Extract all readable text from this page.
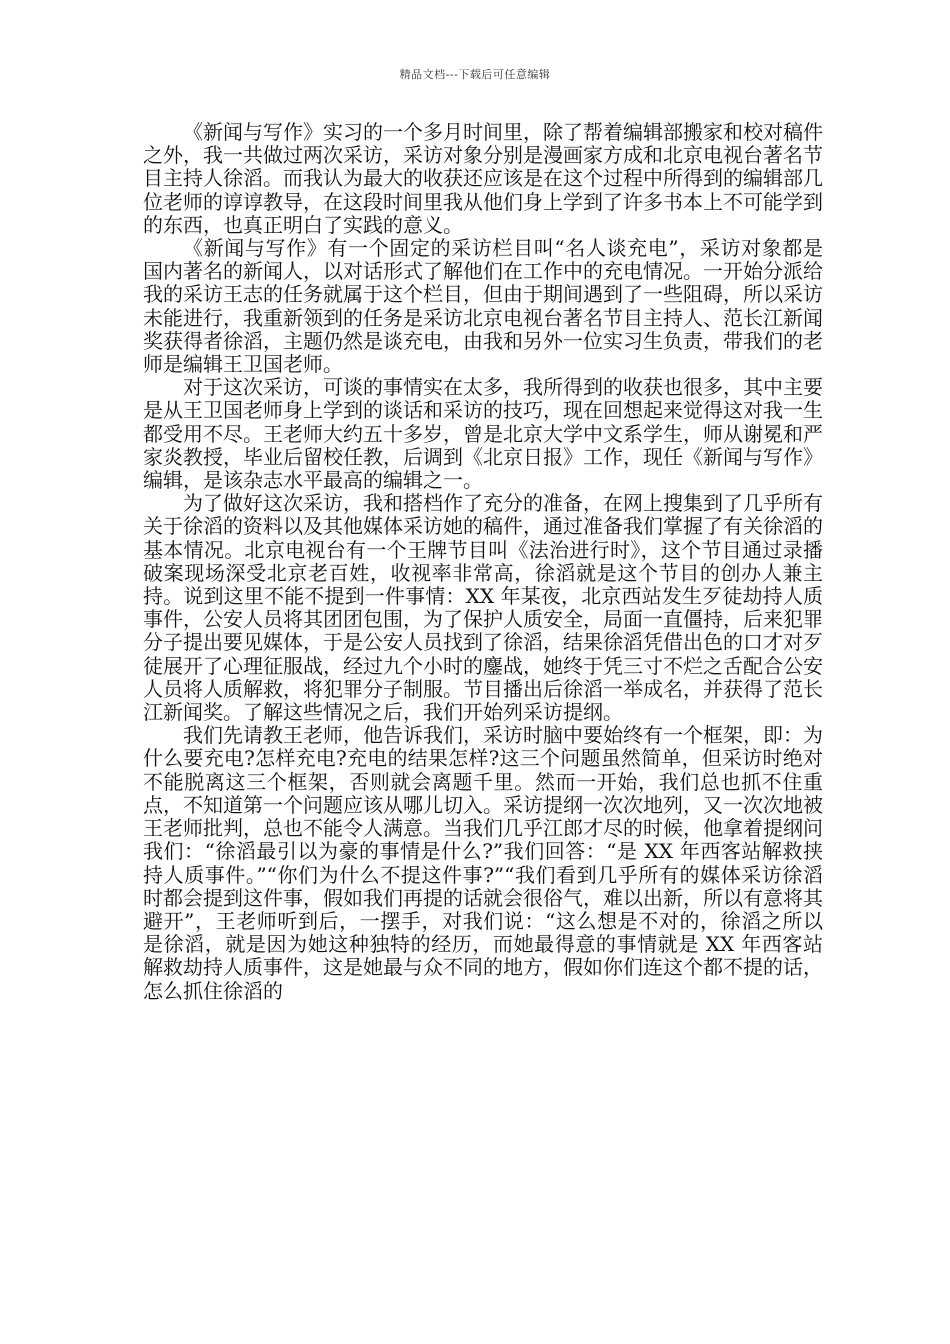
精品文档---下载后可任意编辑

《新闻与写作》实习的一个多月时间里，除了帮着编辑部搬家和校对稿件之外，我一共做过两次采访，采访对象分别是漫画家方成和北京电视台著名节目主持人徐滔。而我认为最大的收获还应该是在这个过程中所得到的编辑部几位老师的谆谆教导，在这段时间里我从他们身上学到了许多书本上不可能学到的东西，也真正明白了实践的意义。

《新闻与写作》有一个固定的采访栏目叫“名人谈充电”，采访对象都是国内著名的新闻人，以对话形式了解他们在工作中的充电情况。一开始分派给我的采访王志的任务就属于这个栏目，但由于期间遇到了一些阻碍，所以采访未能进行，我重新领到的任务是采访北京电视台著名节目主持人、范长江新闻奖获得者徐滔，主题仍然是谈充电，由我和另外一位实习生负责，带我们的老师是编辑王卫国老师。

对于这次采访，可谈的事情实在太多，我所得到的收获也很多，其中主要是从王卫国老师身上学到的谈话和采访的技巧，现在回想起来觉得这对我一生都受用不尽。王老师大约五十多岁，曾是北京大学中文系学生，师从谢冕和严家炎教授，毕业后留校任教，后调到《北京日报》工作，现任《新闻与写作》编辑，是该杂志水平最高的编辑之一。

为了做好这次采访，我和搭档作了充分的准备，在网上搜集到了几乎所有关于徐滔的资料以及其他媒体采访她的稿件，通过准备我们掌握了有关徐滔的基本情况。北京电视台有一个王牌节目叫《法治进行时》，这个节目通过录播破案现场深受北京老百姓，收视率非常高，徐滔就是这个节目的创办人兼主持。说到这里不能不提到一件事情：XX 年某夜，北京西站发生歹徒劫持人质事件，公安人员将其团团包围，为了保护人质安全，局面一直僵持，后来犯罪分子提出要见媒体，于是公安人员找到了徐滔，结果徐滔凭借出色的口才对歹徒展开了心理征服战，经过九个小时的鏖战，她终于凭三寸不烂之舌配合公安人员将人质解救，将犯罪分子制服。节目播出后徐滔一举成名，并获得了范长江新闻奖。了解这些情况之后，我们开始列采访提纲。

我们先请教王老师，他告诉我们，采访时脑中要始终有一个框架，即：为什么要充电?怎样充电?充电的结果怎样?这三个问题虽然简单，但采访时绝对不能脱离这三个框架，否则就会离题千里。然而一开始，我们总也抓不住重点，不知道第一个问题应该从哪儿切入。采访提纲一次次地列，又一次次地被王老师批判，总也不能令人满意。当我们几乎江郎才尽的时候，他拿着提纲问我们：“徐滔最引以为豪的事情是什么?”我们回答：“是 XX 年西客站解救挟持人质事件。”“你们为什么不提这件事?”“我们看到几乎所有的媒体采访徐滔时都会提到这件事，假如我们再提的话就会很俗气，难以出新，所以有意将其避开”，王老师听到后，一摆手，对我们说：“这么想是不对的，徐滔之所以是徐滔，就是因为她这种独特的经历，而她最得意的事情就是 XX 年西客站解救劫持人质事件，这是她最与众不同的地方，假如你们连这个都不提的话，怎么抓住徐滔的
